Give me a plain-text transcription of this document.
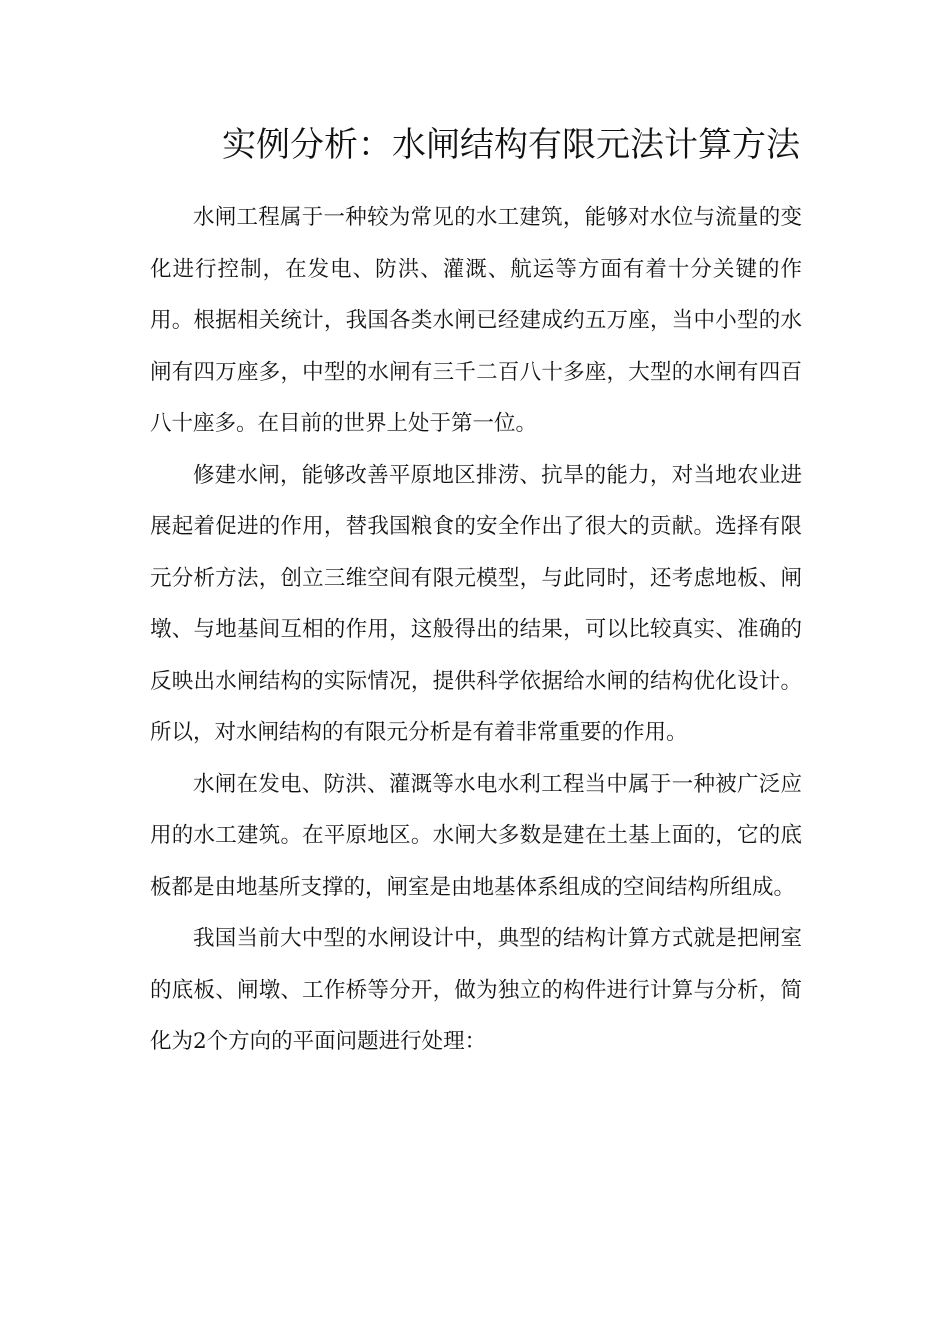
实例分析：水闸结构有限元法计算方法

水闸工程属于一种较为常见的水工建筑，能够对水位与流量的变化进行控制，在发电、防洪、灌溉、航运等方面有着十分关键的作用。根据相关统计，我国各类水闸已经建成约五万座，当中小型的水闸有四万座多，中型的水闸有三千二百八十多座，大型的水闸有四百八十座多。在目前的世界上处于第一位。

修建水闸，能够改善平原地区排涝、抗旱的能力，对当地农业进展起着促进的作用，替我国粮食的安全作出了很大的贡献。选择有限元分析方法，创立三维空间有限元模型，与此同时，还考虑地板、闸墩、与地基间互相的作用，这般得出的结果，可以比较真实、准确的反映出水闸结构的实际情况，提供科学依据给水闸的结构优化设计。所以，对水闸结构的有限元分析是有着非常重要的作用。

水闸在发电、防洪、灌溉等水电水利工程当中属于一种被广泛应用的水工建筑。在平原地区。水闸大多数是建在土基上面的，它的底板都是由地基所支撑的，闸室是由地基体系组成的空间结构所组成。

我国当前大中型的水闸设计中，典型的结构计算方式就是把闸室的底板、闸墩、工作桥等分开，做为独立的构件进行计算与分析，简化为2个方向的平面问题进行处理：
